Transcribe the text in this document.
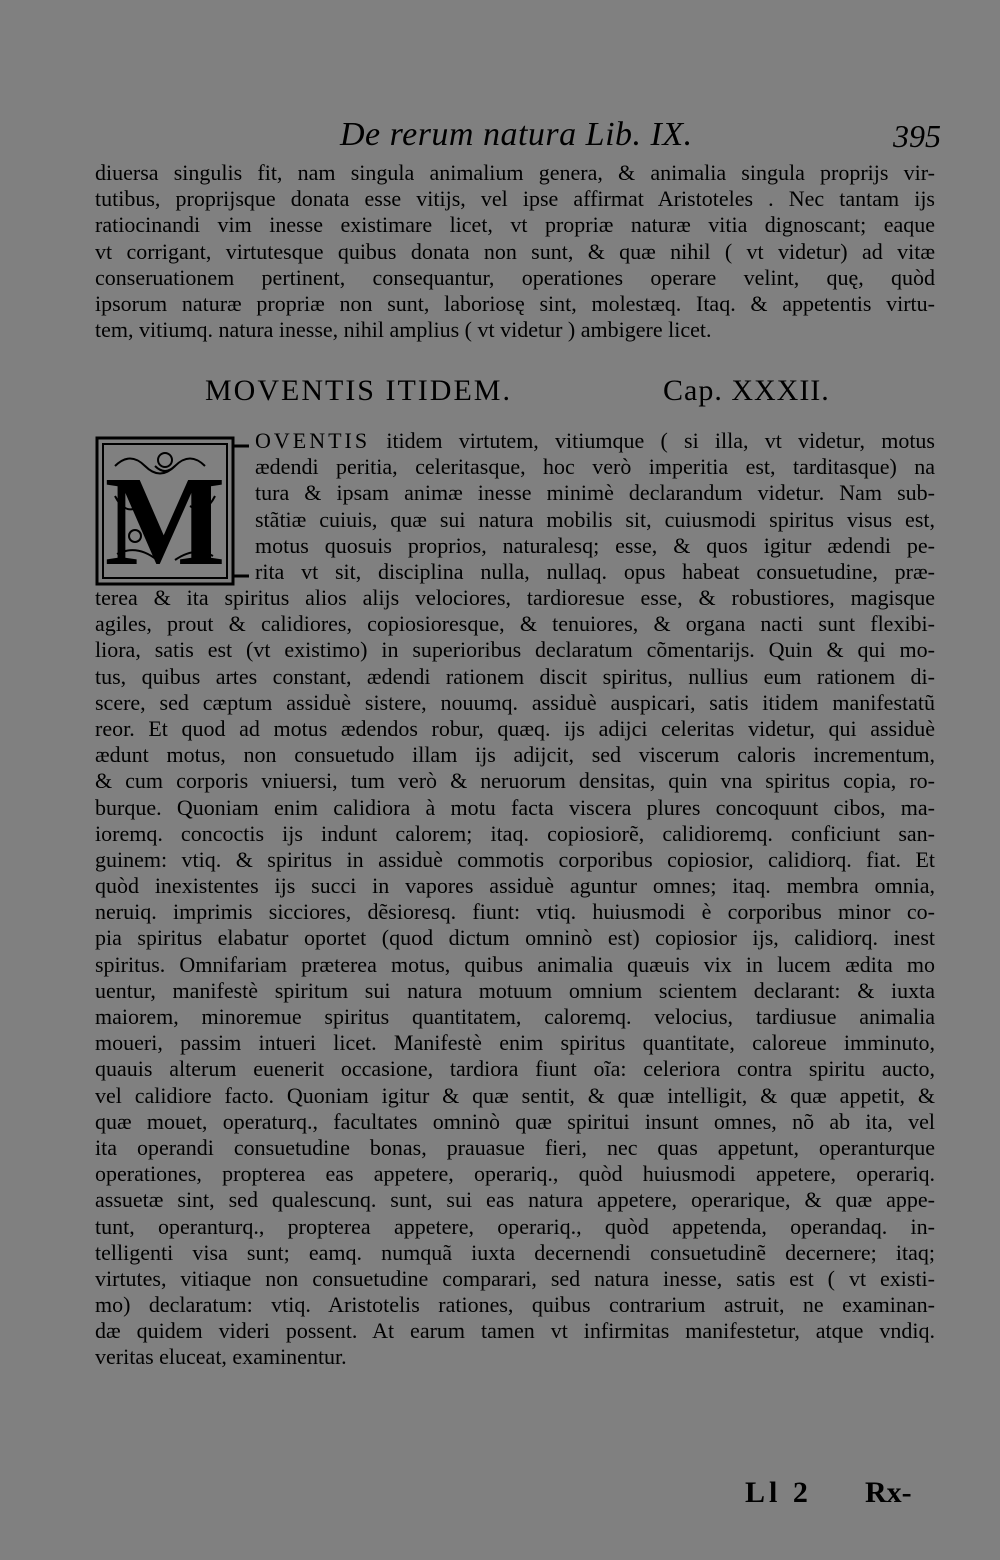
De rerum natura Lib. IX.	395
diuersa singulis fit, nam singula animalium genera, & animalia singula proprijs vir-
tutibus, proprijsque donata esse vitijs, vel ipse affirmat Aristoteles . Nec tantam ijs
ratiocinandi vim inesse existimare licet, vt propriæ naturæ vitia dignoscant; eaque
vt corrigant, virtutesque quibus donata non sunt, & quæ nihil ( vt videtur) ad vitæ
conseruationem pertinent, consequantur, operationes operare velint, quę, quòd
ipsorum naturæ propriæ non sunt, laboriosę sint, molestæq. Itaq. & appetentis virtu-
tem, vitiumq. natura inesse, nihil amplius ( vt videtur ) ambigere licet.
MOVENTIS ITIDEM.	Cap. XXXII.
M
OVENTIS itidem virtutem, vitiumque ( si illa, vt videtur, motus
ædendi peritia, celeritasque, hoc verò imperitia est, tarditasque) na
tura & ipsam animæ inesse minimè declarandum videtur. Nam sub-
stãtiæ cuiuis, quæ sui natura mobilis sit, cuiusmodi spiritus visus est,
motus quosuis proprios, naturalesq; esse, & quos igitur ædendi pe-
rita vt sit, disciplina nulla, nullaq. opus habeat consuetudine, præ-
terea & ita spiritus alios alijs velociores, tardioresue esse, & robustiores, magisque
agiles, prout & calidiores, copiosioresque, & tenuiores, & organa nacti sunt flexibi-
liora, satis est (vt existimo) in superioribus declaratum cõmentarijs. Quin & qui mo-
tus, quibus artes constant, ædendi rationem discit spiritus, nullius eum rationem di-
scere, sed cæptum assiduè sistere, nouumq. assiduè auspicari, satis itidem manifestatũ
reor. Et quod ad motus ædendos robur, quæq. ijs adijci celeritas videtur, qui assiduè
ædunt motus, non consuetudo illam ijs adijcit, sed viscerum caloris incrementum,
& cum corporis vniuersi, tum verò & neruorum densitas, quin vna spiritus copia, ro-
burque. Quoniam enim calidiora à motu facta viscera plures concoquunt cibos, ma-
ioremq. concoctis ijs indunt calorem; itaq. copiosiorẽ, calidioremq. conficiunt san-
guinem: vtiq. & spiritus in assiduè commotis corporibus copiosior, calidiorq. fiat. Et
quòd inexistentes ijs succi in vapores assiduè aguntur omnes; itaq. membra omnia,
neruiq. imprimis sicciores, dẽsioresq. fiunt: vtiq. huiusmodi è corporibus minor co-
pia spiritus elabatur oportet (quod dictum omninò est) copiosior ijs, calidiorq. inest
spiritus. Omnifariam præterea motus, quibus animalia quæuis vix in lucem ædita mo
uentur, manifestè spiritum sui natura motuum omnium scientem declarant: & iuxta
maiorem, minoremue spiritus quantitatem, caloremq. velocius, tardiusue animalia
moueri, passim intueri licet. Manifestè enim spiritus quantitate, caloreue imminuto,
quauis alterum euenerit occasione, tardiora fiunt oĩa: celeriora contra spiritu aucto,
vel calidiore facto. Quoniam igitur & quæ sentit, & quæ intelligit, & quæ appetit, &
quæ mouet, operaturq., facultates omninò quæ spiritui insunt omnes, nõ ab ita, vel
ita operandi consuetudine bonas, prauasue fieri, nec quas appetunt, operanturque
operationes, propterea eas appetere, operariq., quòd huiusmodi appetere, operariq.
assuetæ sint, sed qualescunq. sunt, sui eas natura appetere, operarique, & quæ appe-
tunt, operanturq., propterea appetere, operariq., quòd appetenda, operandaq. in-
telligenti visa sunt; eamq. numquã iuxta decernendi consuetudinẽ decernere; itaq;
virtutes, vitiaque non consuetudine comparari, sed natura inesse, satis est ( vt existi-
mo) declaratum: vtiq. Aristotelis rationes, quibus contrarium astruit, ne examinan-
dæ quidem videri possent. At earum tamen vt infirmitas manifestetur, atque vndiq.
veritas eluceat, examinentur.
Ll 2 Rx-
